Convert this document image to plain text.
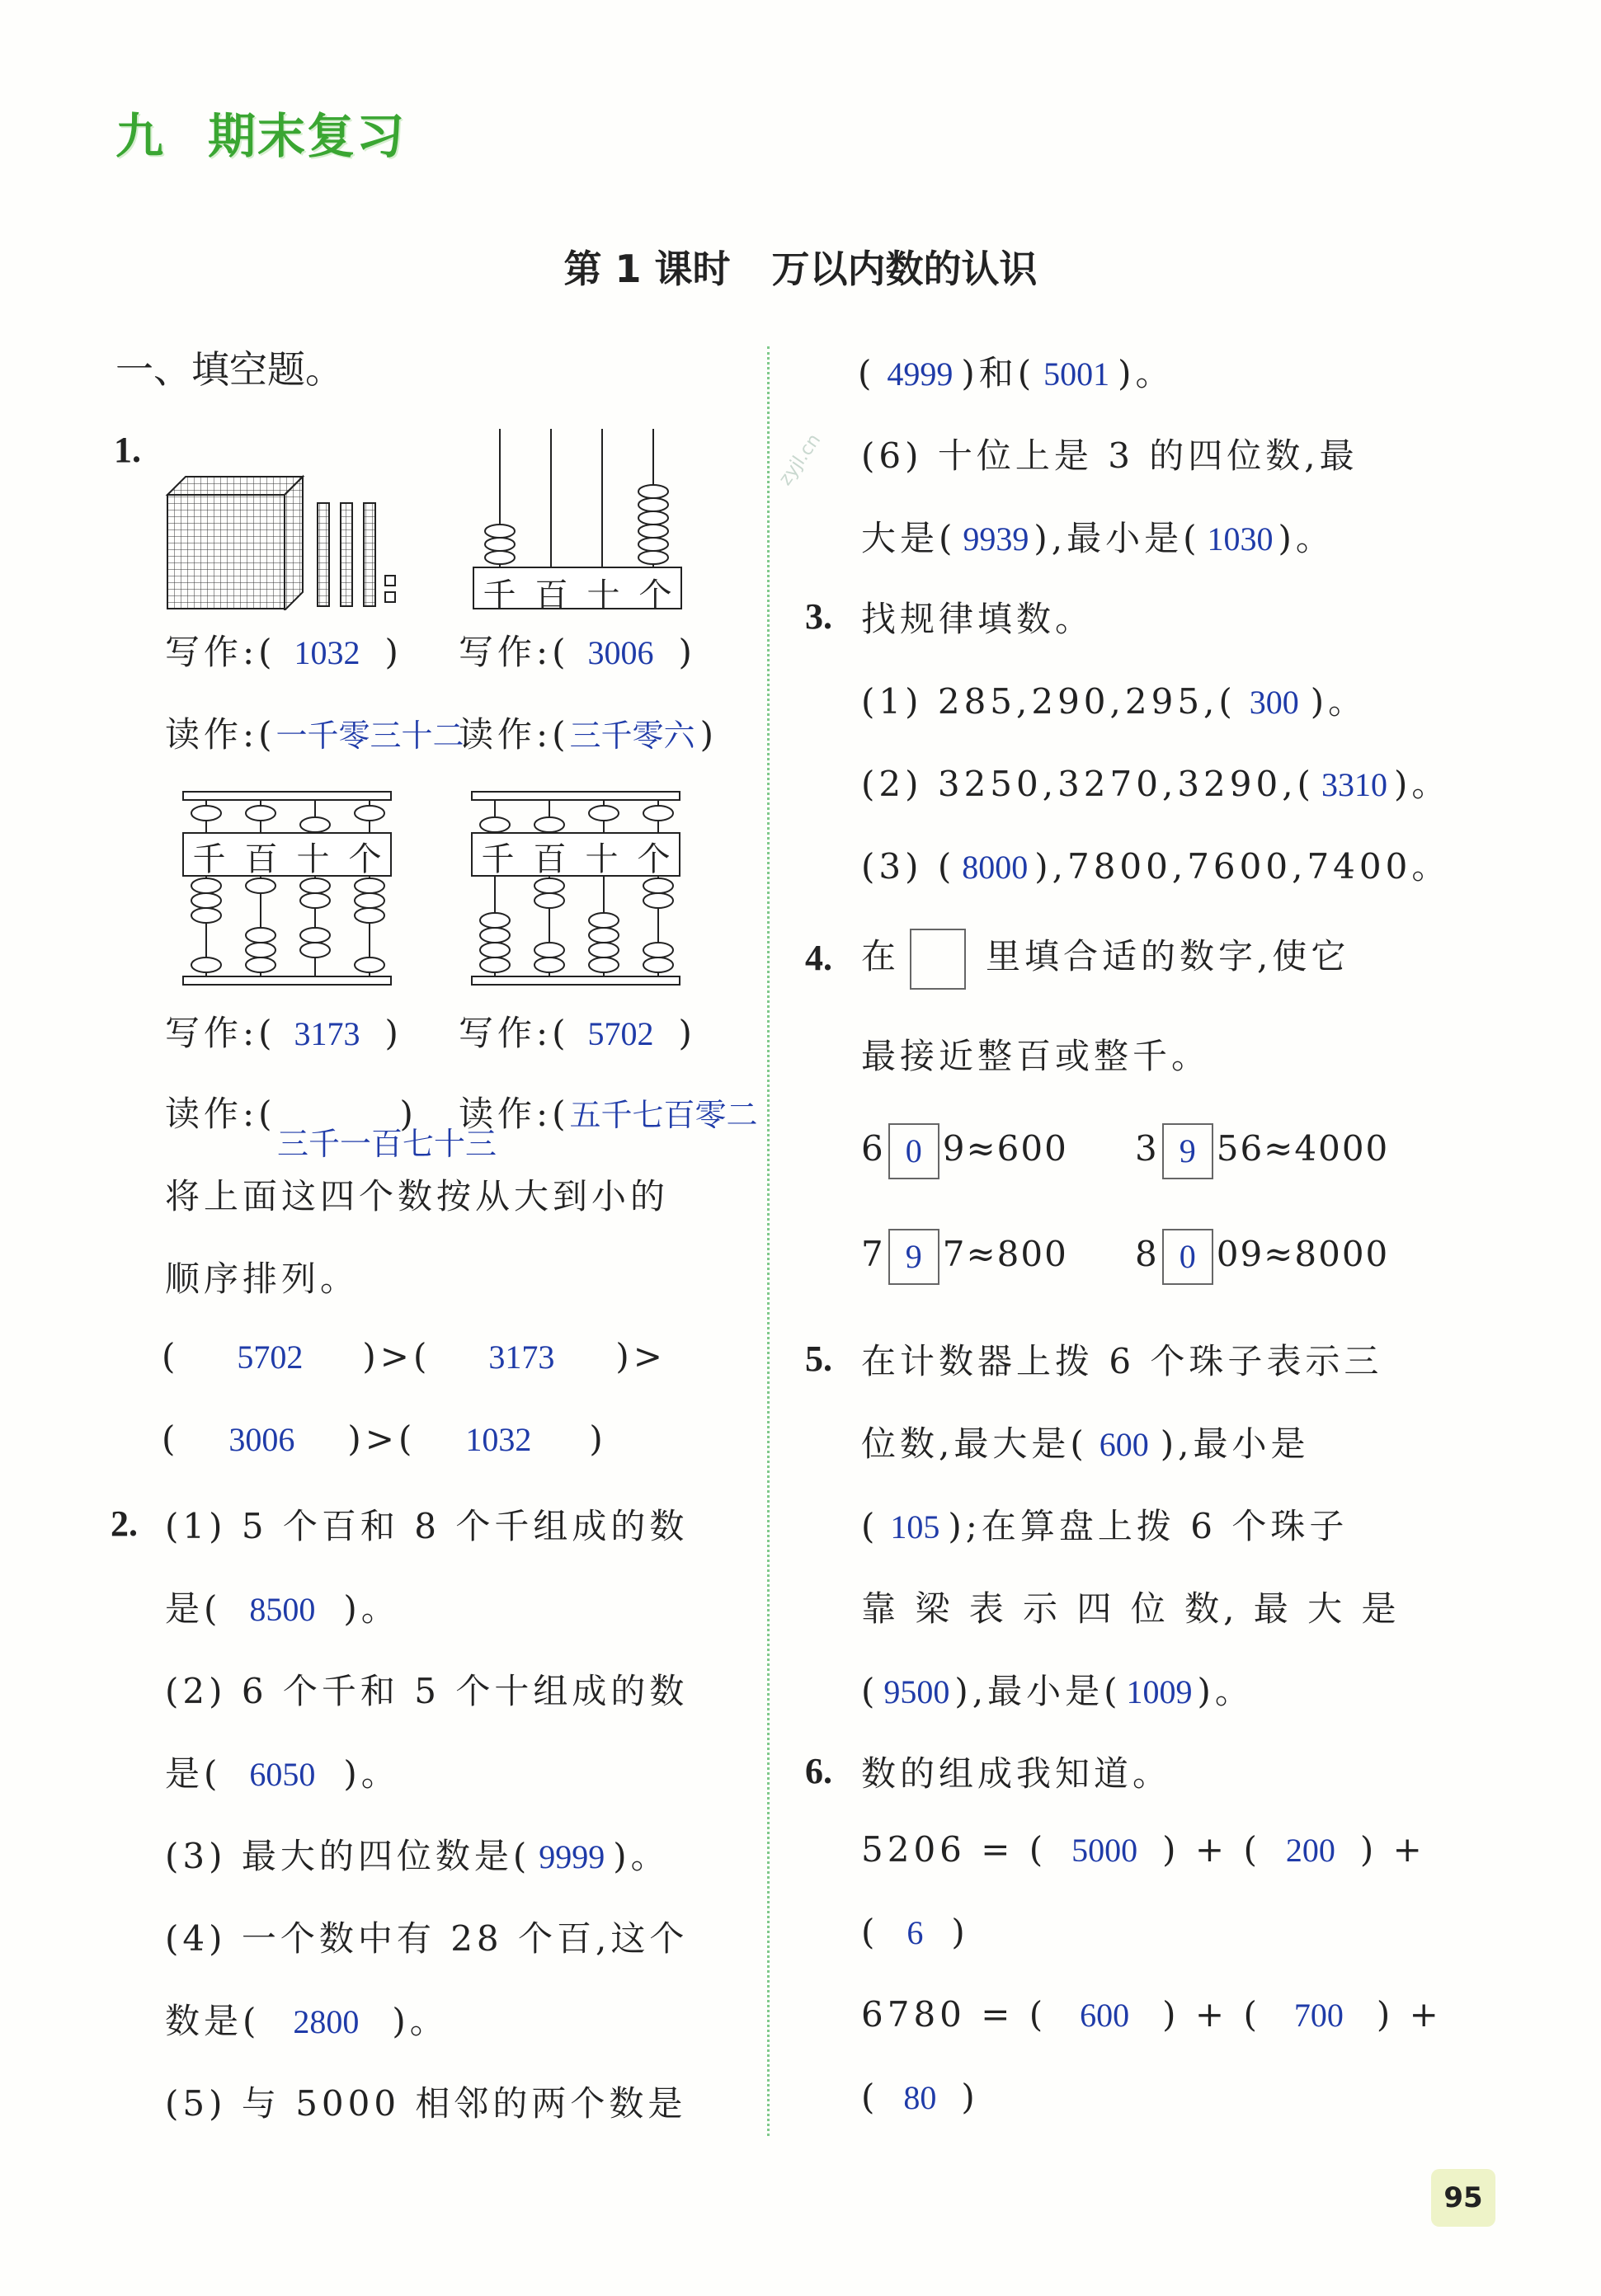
九 期末复习
第 1 课时 万以内数的认识
一、填空题。
zyjl.cn
1.
千 百 十 个
写作:( 1032 ) 写作:( 3006 )
读作:(一千零三十二
读作:(三千零六 )
千 百 十 个	千 百 十 个
写作:( 3173 ) 写作:( 5702 )
读作:(	)
三千一百七十三
读作:(五千七百零二
将上面这四个数按从大到小的
顺序排列。
( 5702 )>( 3173 )>
( 3006 )>( 1032 )
2. (1) 5 个百和 8 个千组成的数
是( 8500 )。
(2) 6 个千和 5 个十组成的数
是( 6050 )。
(3) 最大的四位数是( 9999 )。
(4) 一个数中有 28 个百,这个
数是( 2800 )。
(5) 与 5000 相邻的两个数是
( 4999 )和( 5001 )。
(6) 十位上是 3 的四位数,最
大是( 9939 ),最小是( 1030 )。
3. 找规律填数。
(1) 285,290,295,( 300 )。
(2) 3250,3270,3290,( 3310 )。
(3) ( 8000 ),7800,7600,7400。
4. 在 里填合适的数字,使它
最接近整百或整千。
6 0 9≈600 3 9 56≈4000
7 9 7≈800 8 0 09≈8000
5. 在计数器上拨 6 个珠子表示三
位数,最大是( 600 ),最小是
( 105 );在算盘上拨 6 个珠子
靠 梁 表 示 四 位 数, 最 大 是
( 9500 ),最小是( 1009 )。
6. 数的组成我知道。
5206 = ( 5000 ) + ( 200 ) +
( 6 )
6780 = ( 600 ) + ( 700 ) +
( 80 )
95
